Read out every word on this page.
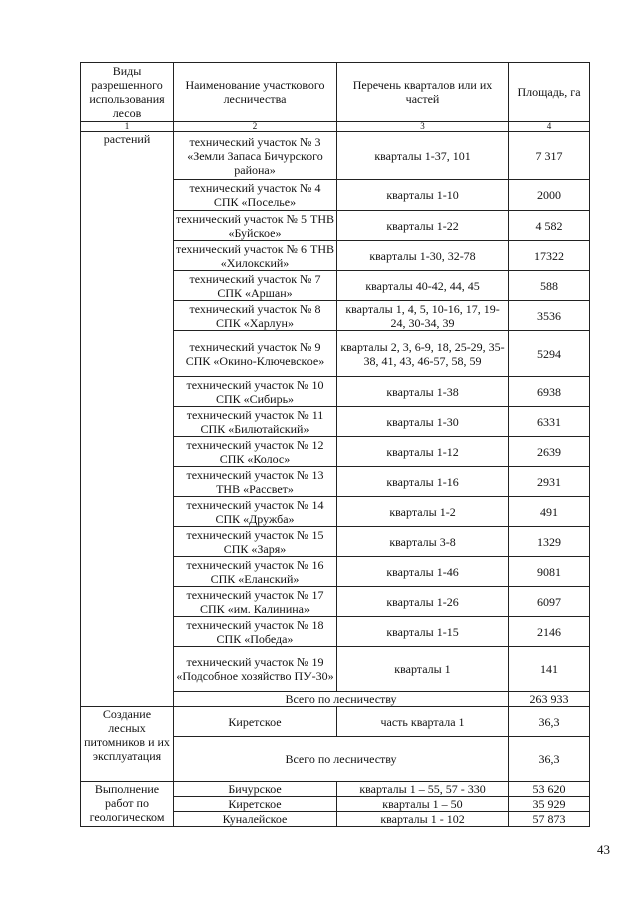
Виды разрешенного использования лесов	Наименование участкового лесничества	Перечень кварталов или их частей	Площадь, га
1	2	3	4
растений	технический участок № 3 «Земли Запаса Бичурского района»	кварталы 1-37, 101	7 317
	технический участок № 4 СПК «Поселье»	кварталы 1-10	2000
	технический участок № 5 ТНВ «Буйское»	кварталы 1-22	4 582
	технический участок № 6 ТНВ «Хилокский»	кварталы 1-30, 32-78	17322
	технический участок № 7 СПК «Аршан»	кварталы 40-42, 44, 45	588
	технический участок № 8 СПК «Харлун»	кварталы 1, 4, 5, 10-16, 17, 19-24, 30-34, 39	3536
	технический участок № 9 СПК «Окино-Ключевское»	кварталы 2, 3, 6-9, 18, 25-29, 35-38, 41, 43, 46-57, 58, 59	5294
	технический участок № 10 СПК «Сибирь»	кварталы 1-38	6938
	технический участок № 11 СПК «Билютайский»	кварталы 1-30	6331
	технический участок № 12 СПК «Колос»	кварталы 1-12	2639
	технический участок № 13 ТНВ «Рассвет»	кварталы 1-16	2931
	технический участок № 14 СПК «Дружба»	кварталы 1-2	491
	технический участок № 15 СПК «Заря»	кварталы 3-8	1329
	технический участок № 16 СПК «Еланский»	кварталы 1-46	9081
	технический участок № 17 СПК «им. Калинина»	кварталы 1-26	6097
	технический участок № 18 СПК «Победа»	кварталы 1-15	2146
	технический участок № 19 «Подсобное хозяйство ПУ-30»	кварталы 1	141
	Всего по лесничеству		263 933
Создание лесных питомников и их эксплуатация	Киретское	часть квартала 1	36,3
	Всего по лесничеству		36,3
Выполнение работ по геологическом	Бичурское	кварталы 1 – 55, 57 - 330	53 620
	Киретское	кварталы 1 – 50	35 929
	Куналейское	кварталы 1 - 102	57 873
43
